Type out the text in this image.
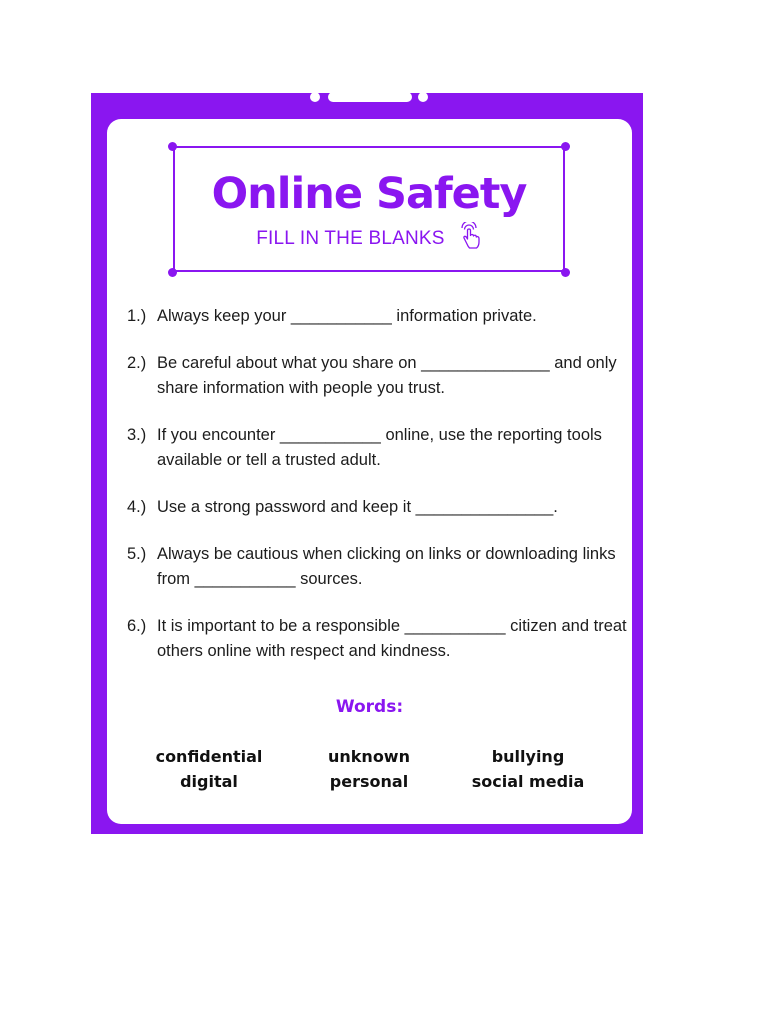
Online Safety
FILL IN THE BLANKS
1.) Always keep your ___________ information private.
2.) Be careful about what you share on ______________ and only share information with people you trust.
3.) If you encounter ___________ online, use the reporting tools available or tell a trusted adult.
4.) Use a strong password and keep it _______________.
5.) Always be cautious when clicking on links or downloading links from ___________ sources.
6.) It is important to be a responsible ___________ citizen and treat others online with respect and kindness.
Words:
confidential
digital
unknown
personal
bullying
social media
